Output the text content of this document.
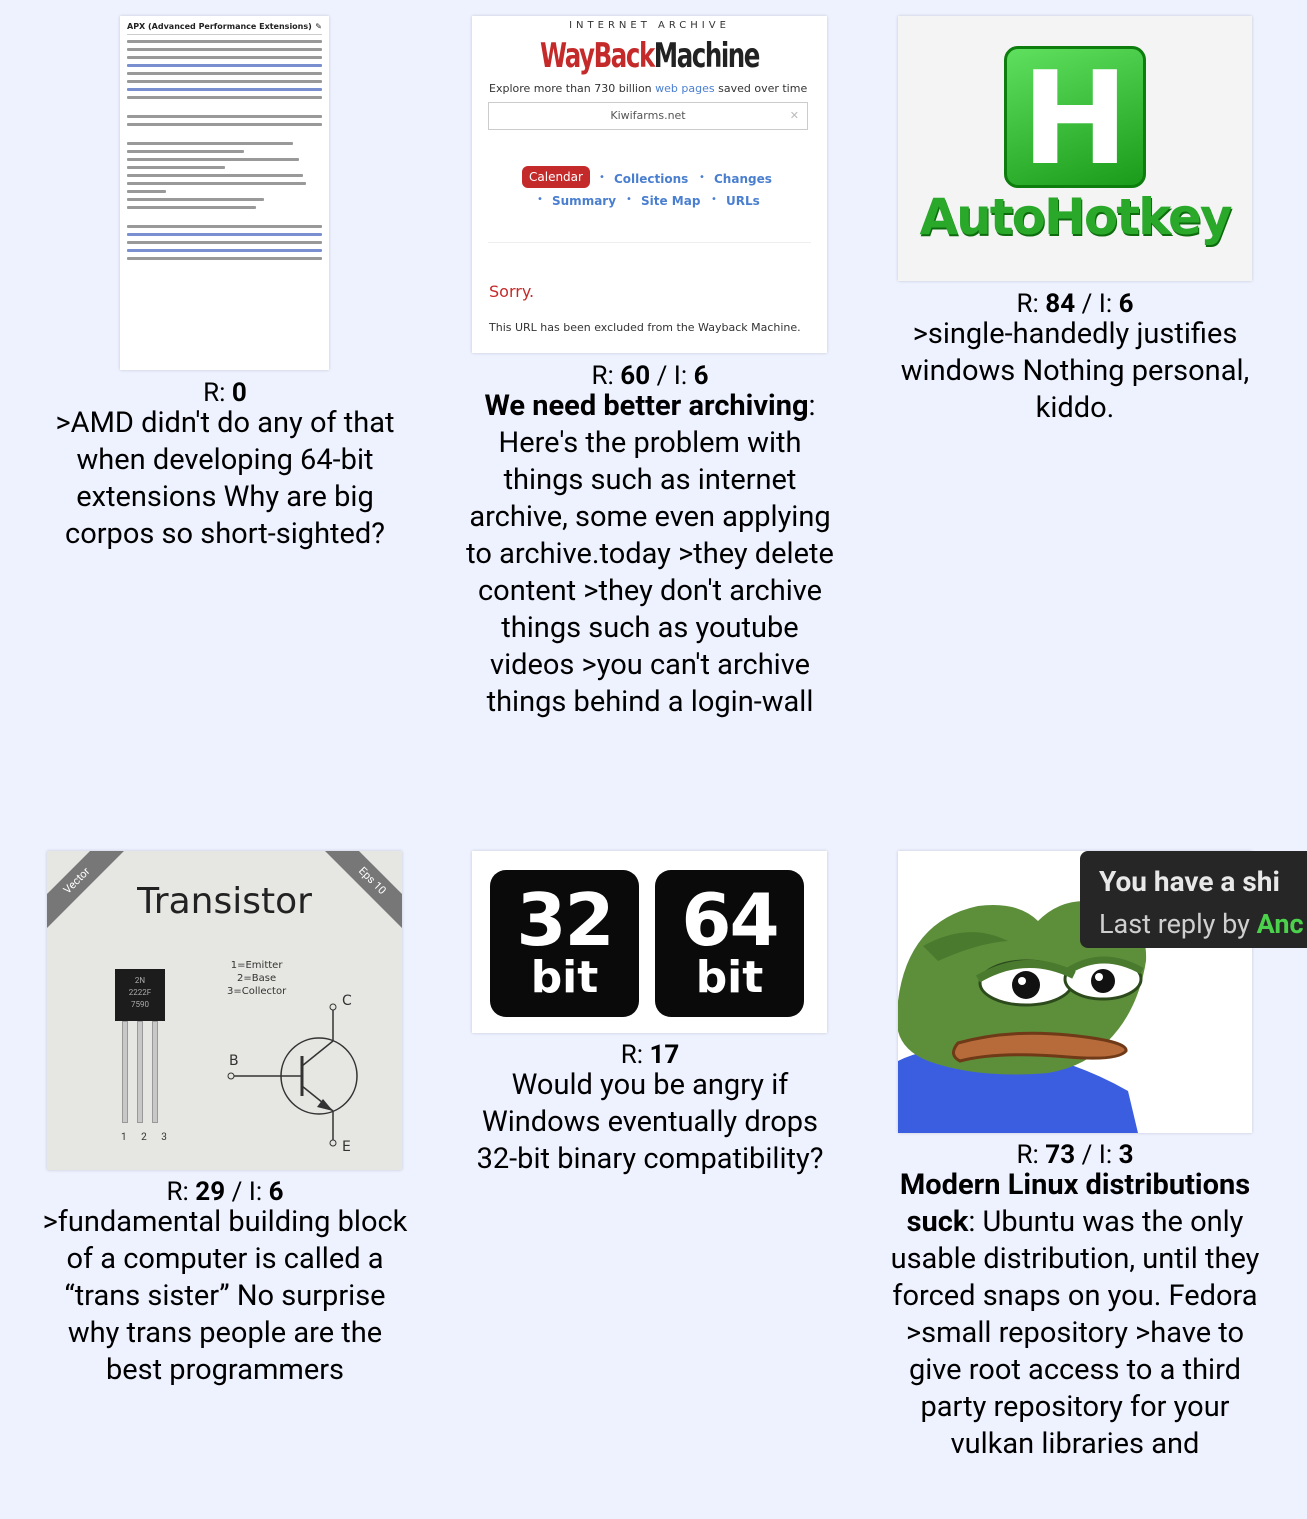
APX (Advanced Performance Extensions) ✎
R: 0
>AMD didn't do any of that when developing 64-bit extensions Why are big corpos so short-sighted?
INTERNET ARCHIVE
WayBackMachine
Explore more than 730 billion web pages saved over time
Kiwifarms.net	✕
Calendar	• Collections • Changes
• Summary • Site Map • URLs
Sorry.
This URL has been excluded from the Wayback Machine.
R: 60 / I: 6
We need better archiving: Here's the problem with things such as internet archive, some even applying to archive.today >they delete content >they don't archive things such as youtube videos >you can't archive things behind a login-wall
H
AutoHotkey
R: 84 / I: 6
>single-handedly justifies windows Nothing personal, kiddo.
Vector	Eps 10
Transistor
1=Emitter
2=Base
3=Collector
2N
2222F
7590
1 2 3
B
C
E
R: 29 / I: 6
>fundamental building block of a computer is called a “trans sister” No surprise why trans people are the best programmers
32
bit
64
bit
R: 17
Would you be angry if Windows eventually drops 32-bit binary compatibility?	R: 73 / I: 3
Modern Linux distributions suck: Ubuntu was the only usable distribution, until they forced snaps on you. Fedora >small repository >have to give root access to a third party repository for your vulkan libraries and
You have a shi
Last reply by Anc
